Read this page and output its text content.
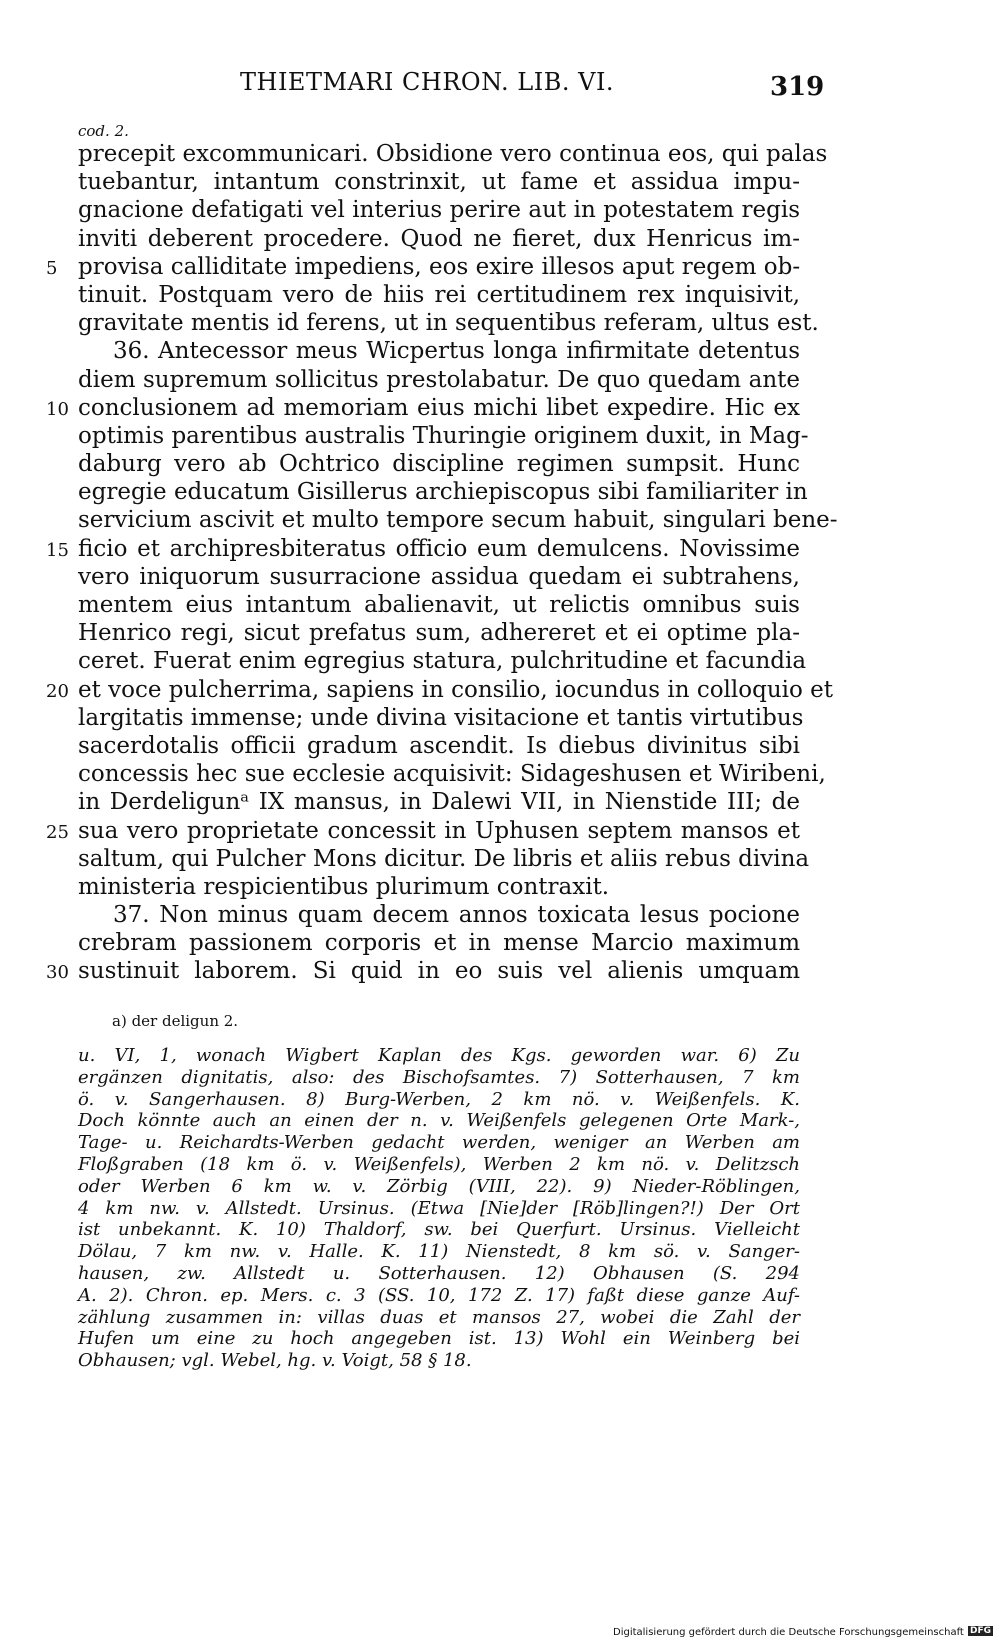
THIETMARI CHRON. LIB. VI.	319
cod. 2.
precepit excommunicari. Obsidione vero continua eos, qui palas
tuebantur, intantum constrinxit, ut fame et assidua impu-
gnacione defatigati vel interius perire aut in potestatem regis
inviti deberent procedere. Quod ne fieret, dux Henricus im-
5 provisa calliditate impediens, eos exire illesos aput regem ob-
tinuit. Postquam vero de hiis rei certitudinem rex inquisivit,
gravitate mentis id ferens, ut in sequentibus referam, ultus est.
36. Antecessor meus Wicpertus longa infirmitate detentus
diem supremum sollicitus prestolabatur. De quo quedam ante
10 conclusionem ad memoriam eius michi libet expedire. Hic ex
optimis parentibus australis Thuringie originem duxit, in Mag-
daburg vero ab Ochtrico discipline regimen sumpsit. Hunc
egregie educatum Gisillerus archiepiscopus sibi familiariter in
servicium ascivit et multo tempore secum habuit, singulari bene-
15 ficio et archipresbiteratus officio eum demulcens. Novissime
vero iniquorum susurracione assidua quedam ei subtrahens,
mentem eius intantum abalienavit, ut relictis omnibus suis
Henrico regi, sicut prefatus sum, adhereret et ei optime pla-
ceret. Fuerat enim egregius statura, pulchritudine et facundia
20 et voce pulcherrima, sapiens in consilio, iocundus in colloquio et
largitatis immense; unde divina visitacione et tantis virtutibus
sacerdotalis officii gradum ascendit. Is diebus divinitus sibi
concessis hec sue ecclesie acquisivit: Sidageshusen et Wiribeni,
in Derdeligunᵃ IX mansus, in Dalewi VII, in Nienstide III; de
25 sua vero proprietate concessit in Uphusen septem mansos et
saltum, qui Pulcher Mons dicitur. De libris et aliis rebus divina
ministeria respicientibus plurimum contraxit.
37. Non minus quam decem annos toxicata lesus pocione
crebram passionem corporis et in mense Marcio maximum
30 sustinuit laborem. Si quid in eo suis vel alienis umquam
a) der deligun 2.
u. VI, 1, wonach Wigbert Kaplan des Kgs. geworden war. 6) Zu
ergänzen dignitatis, also: des Bischofsamtes. 7) Sotterhausen, 7 km
ö. v. Sangerhausen. 8) Burg-Werben, 2 km nö. v. Weißenfels. K.
Doch könnte auch an einen der n. v. Weißenfels gelegenen Orte Mark-,
Tage- u. Reichardts-Werben gedacht werden, weniger an Werben am
Floßgraben (18 km ö. v. Weißenfels), Werben 2 km nö. v. Delitzsch
oder Werben 6 km w. v. Zörbig (VIII, 22). 9) Nieder-Röblingen,
4 km nw. v. Allstedt. Ursinus. (Etwa [Nie]der [Röb]lingen?!) Der Ort
ist unbekannt. K. 10) Thaldorf, sw. bei Querfurt. Ursinus. Vielleicht
Dölau, 7 km nw. v. Halle. K. 11) Nienstedt, 8 km sö. v. Sanger-
hausen, zw. Allstedt u. Sotterhausen. 12) Obhausen (S. 294
A. 2). Chron. ep. Mers. c. 3 (SS. 10, 172 Z. 17) faßt diese ganze Auf-
zählung zusammen in: villas duas et mansos 27, wobei die Zahl der
Hufen um eine zu hoch angegeben ist. 13) Wohl ein Weinberg bei
Obhausen; vgl. Webel, hg. v. Voigt, 58 § 18.
Digitalisierung gefördert durch die Deutsche Forschungsgemeinschaft DFG
